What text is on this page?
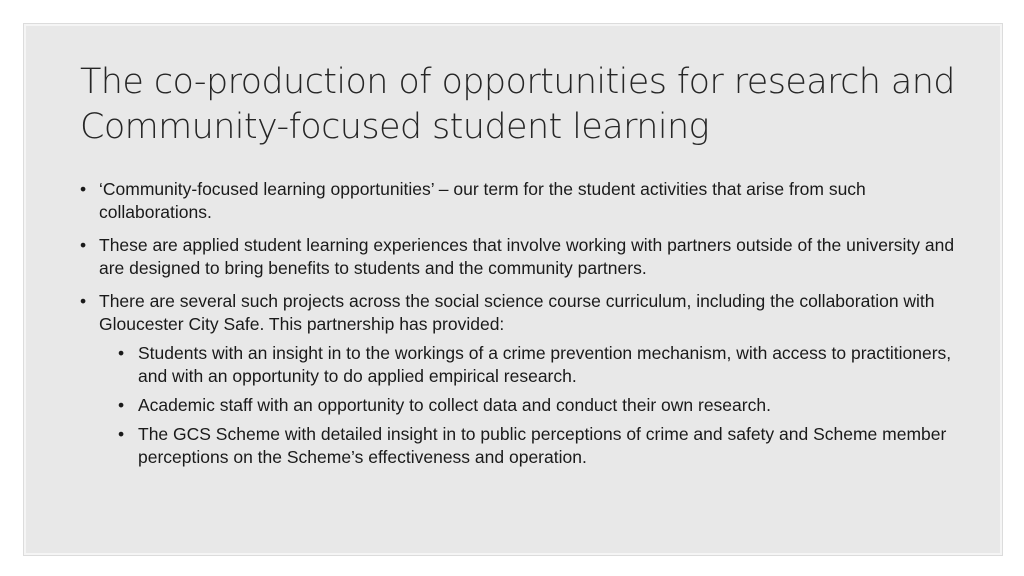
The co-production of opportunities for research and Community-focused student learning
• ‘Community-focused learning opportunities’ – our term for the student activities that arise from such collaborations.
• These are applied student learning experiences that involve working with partners outside of the university and are designed to bring benefits to students and the community partners.
• There are several such projects across the social science course curriculum, including the collaboration with Gloucester City Safe. This partnership has provided:
• Students with an insight in to the workings of a crime prevention mechanism, with access to practitioners, and with an opportunity to do applied empirical research.
• Academic staff with an opportunity to collect data and conduct their own research.
• The GCS Scheme with detailed insight in to public perceptions of crime and safety and Scheme member perceptions on the Scheme’s effectiveness and operation.
